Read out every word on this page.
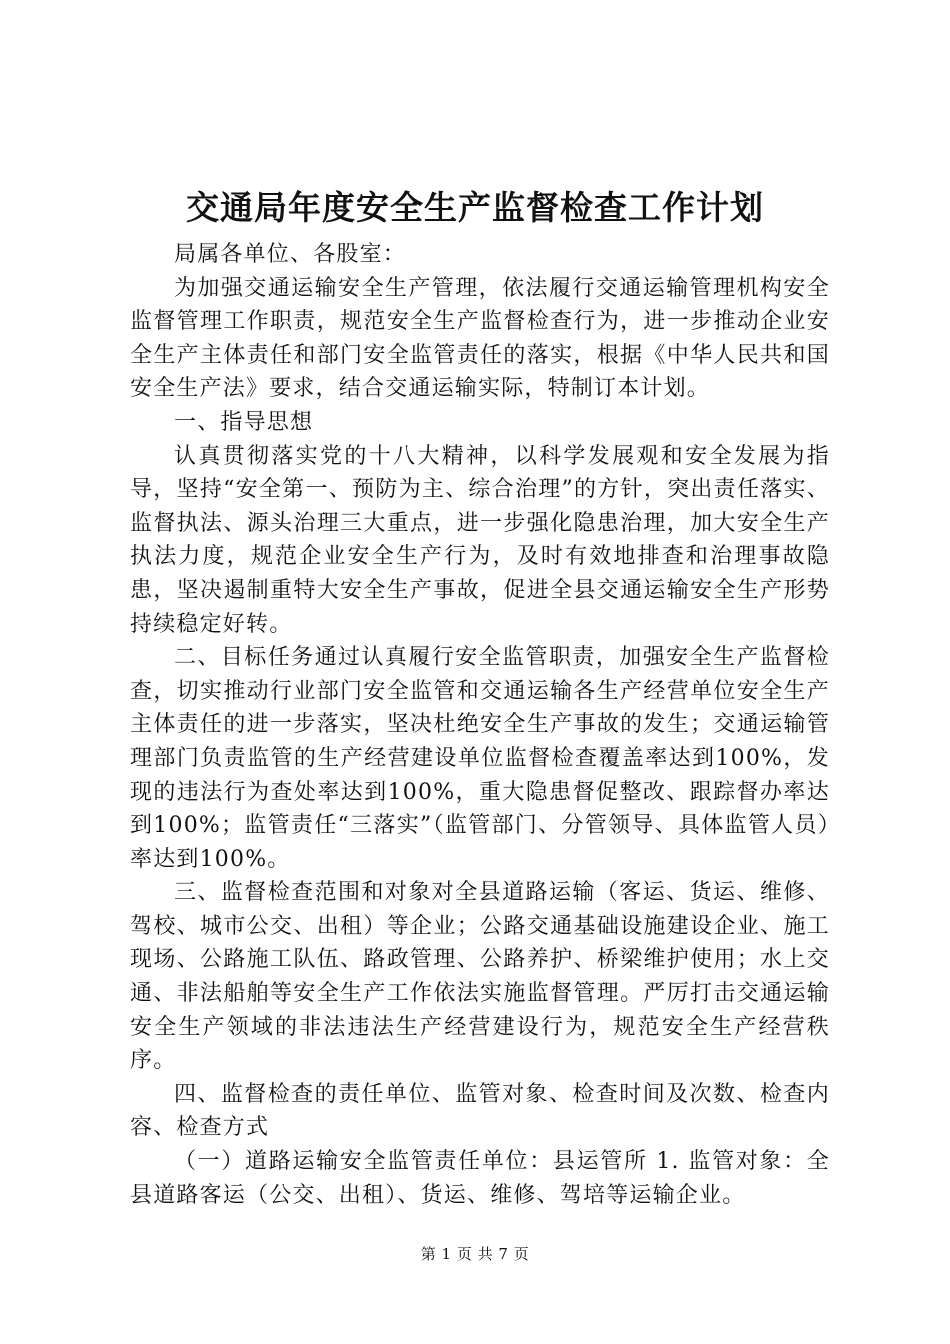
交通局年度安全生产监督检查工作计划

局属各单位、各股室：

为加强交通运输安全生产管理，依法履行交通运输管理机构安全监督管理工作职责，规范安全生产监督检查行为，进一步推动企业安全生产主体责任和部门安全监管责任的落实，根据《中华人民共和国安全生产法》要求，结合交通运输实际，特制订本计划。

一、指导思想

认真贯彻落实党的十八大精神，以科学发展观和安全发展为指导，坚持“安全第一、预防为主、综合治理”的方针，突出责任落实、监督执法、源头治理三大重点，进一步强化隐患治理，加大安全生产执法力度，规范企业安全生产行为，及时有效地排查和治理事故隐患，坚决遏制重特大安全生产事故，促进全县交通运输安全生产形势持续稳定好转。

二、目标任务通过认真履行安全监管职责，加强安全生产监督检查，切实推动行业部门安全监管和交通运输各生产经营单位安全生产主体责任的进一步落实，坚决杜绝安全生产事故的发生；交通运输管理部门负责监管的生产经营建设单位监督检查覆盖率达到100%，发现的违法行为查处率达到100%，重大隐患督促整改、跟踪督办率达到100%；监管责任“三落实”（监管部门、分管领导、具体监管人员）率达到100%。

三、监督检查范围和对象对全县道路运输（客运、货运、维修、驾校、城市公交、出租）等企业；公路交通基础设施建设企业、施工现场、公路施工队伍、路政管理、公路养护、桥梁维护使用；水上交通、非法船舶等安全生产工作依法实施监督管理。严厉打击交通运输安全生产领域的非法违法生产经营建设行为，规范安全生产经营秩序。

四、监督检查的责任单位、监管对象、检查时间及次数、检查内容、检查方式

（一）道路运输安全监管责任单位：县运管所 1. 监管对象：全县道路客运（公交、出租）、货运、维修、驾培等运输企业。

第 1 页 共 7 页
